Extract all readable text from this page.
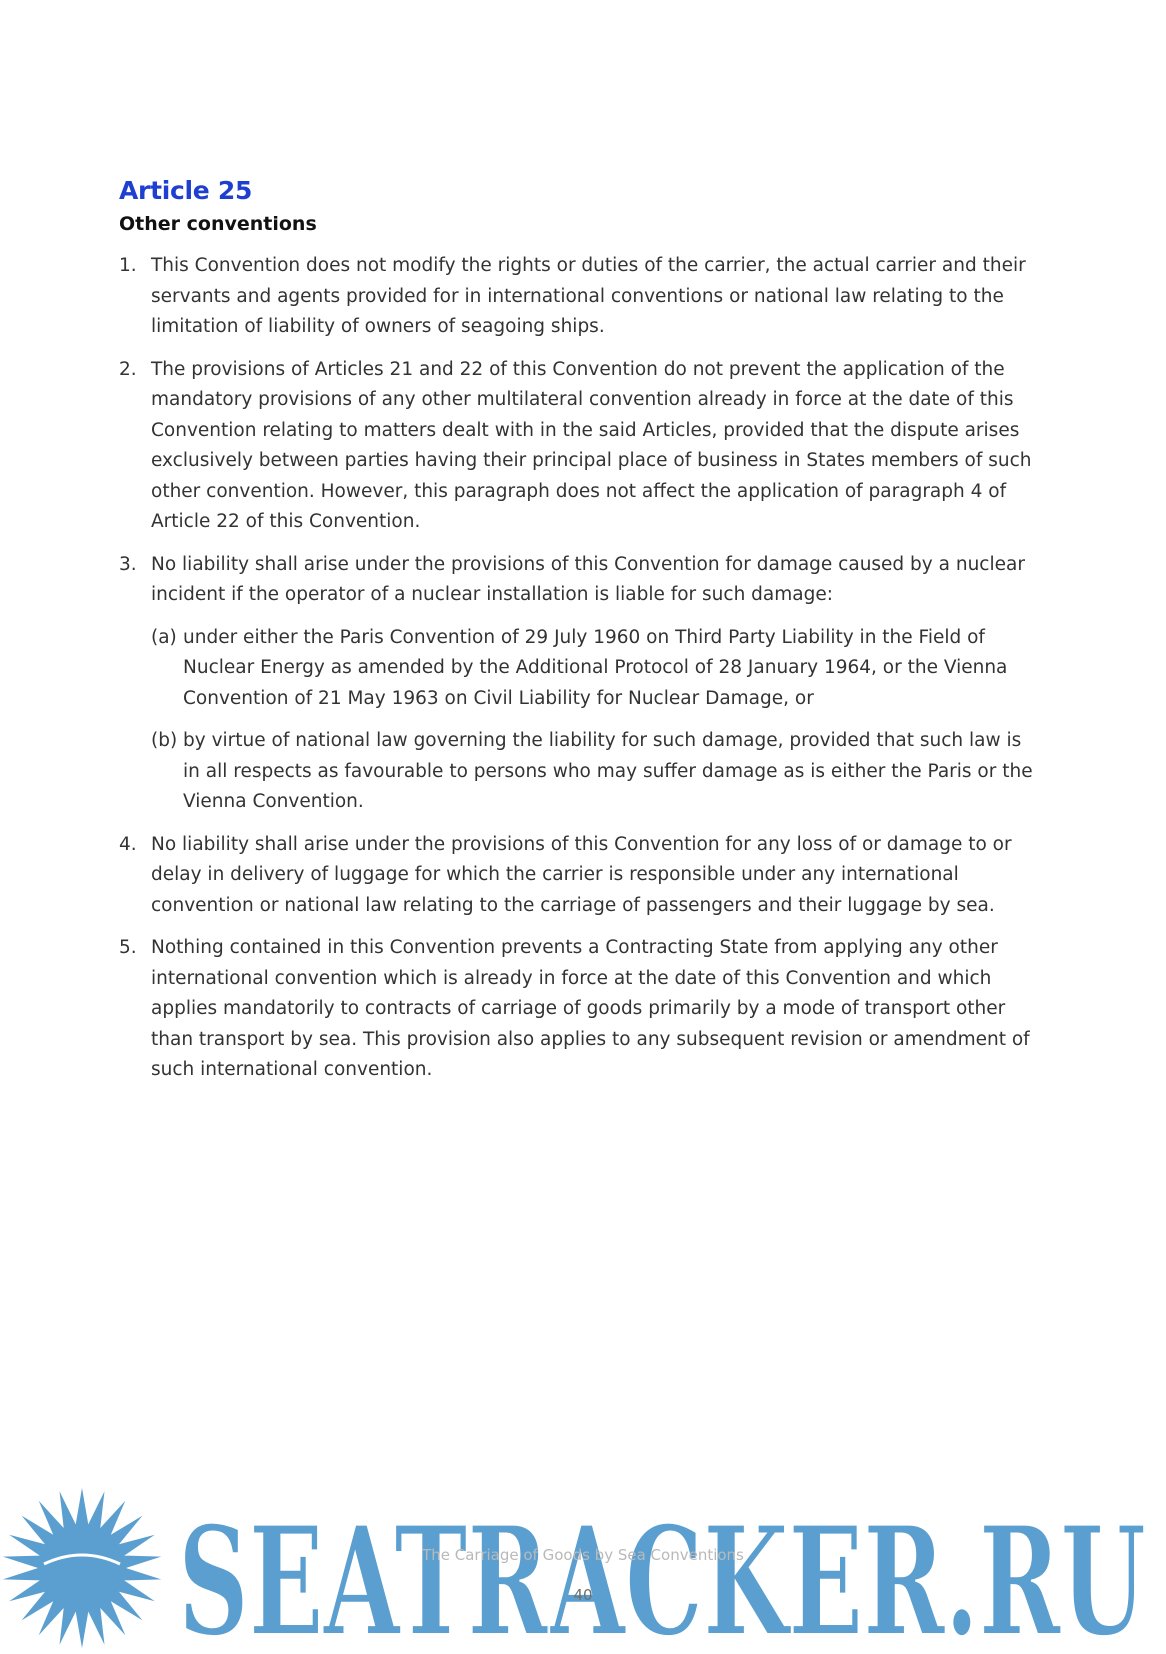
Article 25
Other conventions
1. This Convention does not modify the rights or duties of the carrier, the actual carrier and their servants and agents provided for in international conventions or national law relating to the limitation of liability of owners of seagoing ships.
2. The provisions of Articles 21 and 22 of this Convention do not prevent the application of the mandatory provisions of any other multilateral convention already in force at the date of this Convention relating to matters dealt with in the said Articles, provided that the dispute arises exclusively between parties having their principal place of business in States members of such other convention. However, this paragraph does not affect the application of paragraph 4 of Article 22 of this Convention.
3. No liability shall arise under the provisions of this Convention for damage caused by a nuclear incident if the operator of a nuclear installation is liable for such damage:
(a) under either the Paris Convention of 29 July 1960 on Third Party Liability in the Field of Nuclear Energy as amended by the Additional Protocol of 28 January 1964, or the Vienna Convention of 21 May 1963 on Civil Liability for Nuclear Damage, or
(b) by virtue of national law governing the liability for such damage, provided that such law is in all respects as favourable to persons who may suffer damage as is either the Paris or the Vienna Convention.
4. No liability shall arise under the provisions of this Convention for any loss of or damage to or delay in delivery of luggage for which the carrier is responsible under any international convention or national law relating to the carriage of passengers and their luggage by sea.
5. Nothing contained in this Convention prevents a Contracting State from applying any other international convention which is already in force at the date of this Convention and which applies mandatorily to contracts of carriage of goods primarily by a mode of transport other than transport by sea. This provision also applies to any subsequent revision or amendment of such international convention.
SEATRACKER.RU
The Carriage of Goods by Sea Conventions
40
